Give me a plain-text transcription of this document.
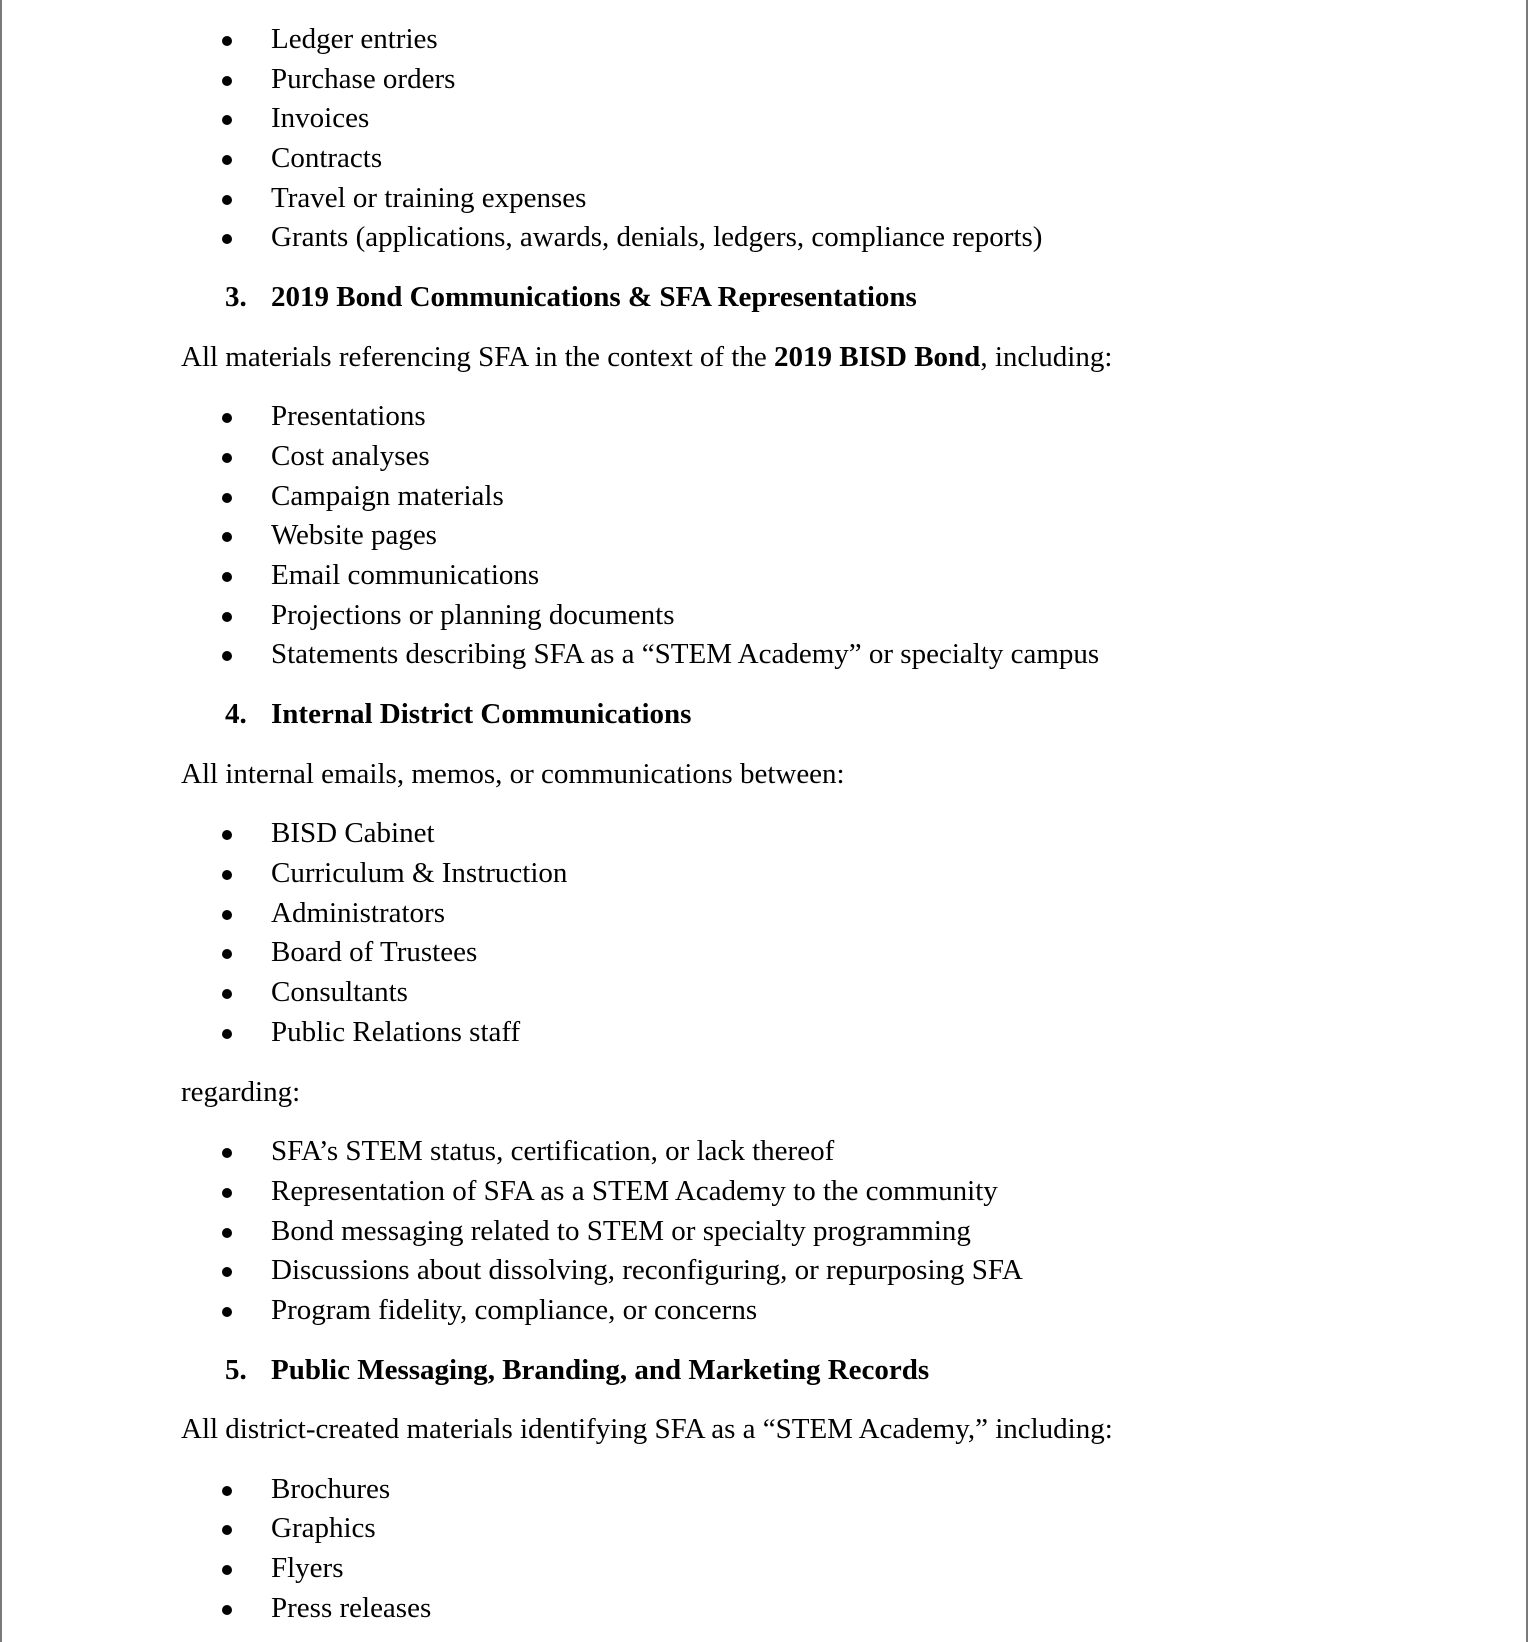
Ledger entries
Purchase orders
Invoices
Contracts
Travel or training expenses
Grants (applications, awards, denials, ledgers, compliance reports)
3. 2019 Bond Communications & SFA Representations
All materials referencing SFA in the context of the 2019 BISD Bond, including:
Presentations
Cost analyses
Campaign materials
Website pages
Email communications
Projections or planning documents
Statements describing SFA as a “STEM Academy” or specialty campus
4. Internal District Communications
All internal emails, memos, or communications between:
BISD Cabinet
Curriculum & Instruction
Administrators
Board of Trustees
Consultants
Public Relations staff
regarding:
SFA’s STEM status, certification, or lack thereof
Representation of SFA as a STEM Academy to the community
Bond messaging related to STEM or specialty programming
Discussions about dissolving, reconfiguring, or repurposing SFA
Program fidelity, compliance, or concerns
5. Public Messaging, Branding, and Marketing Records
All district-created materials identifying SFA as a “STEM Academy,” including:
Brochures
Graphics
Flyers
Press releases
